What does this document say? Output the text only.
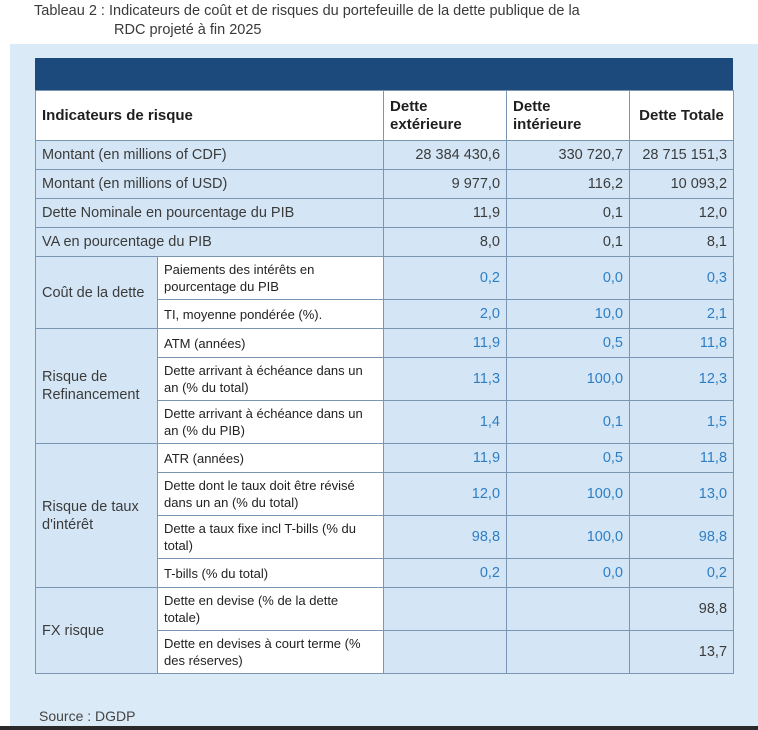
Tableau 2 : Indicateurs de coût et de risques du portefeuille de la dette publique de la
RDC projeté à fin 2025
Indicateurs de risque		Dette extérieure	Dette intérieure	Dette Totale
Montant (en millions of CDF)		28 384 430,6	330 720,7	28 715 151,3
Montant (en millions of USD)		9 977,0	116,2	10 093,2
Dette Nominale en pourcentage du PIB		11,9	0,1	12,0
VA en pourcentage du PIB		8,0	0,1	8,1
Coût de la dette	Paiements des intérêts en pourcentage du PIB	0,2	0,0	0,3
	TI, moyenne pondérée (%).	2,0	10,0	2,1
Risque de Refinancement	ATM (années)	11,9	0,5	11,8
	Dette arrivant à échéance dans un an (% du total)	11,3	100,0	12,3
	Dette arrivant à échéance dans un an (% du PIB)	1,4	0,1	1,5
Risque de taux d'intérêt	ATR (années)	11,9	0,5	11,8
	Dette dont le taux doit être révisé dans un an (% du total)	12,0	100,0	13,0
	Dette a taux fixe incl T-bills (% du total)	98,8	100,0	98,8
	T-bills (% du total)	0,2	0,0	0,2
FX risque	Dette en devise (% de la dette totale)			98,8
	Dette en devises à court terme (% des réserves)			13,7
Source : DGDP
